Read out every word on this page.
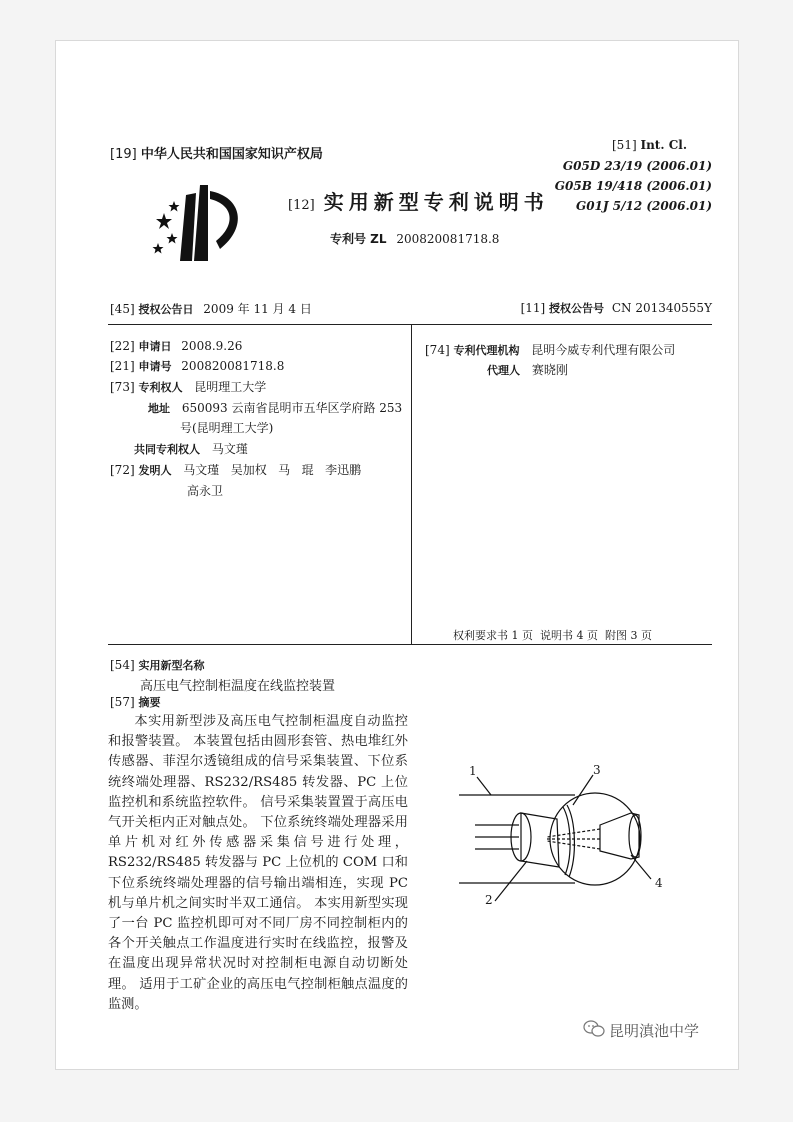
[19] 中华人民共和国国家知识产权局
[12] 实用新型专利说明书
专利号 ZL 200820081718.8
[51] Int. Cl.
G05D 23/19 (2006.01)
G05B 19/418 (2006.01)
G01J 5/12 (2006.01)
[45] 授权公告日 2009 年 11 月 4 日	[11] 授权公告号 CN 201340555Y
[22] 申请日 2008.9.26
[21] 申请号 200820081718.8
[73] 专利权人 昆明理工大学
地址 650093 云南省昆明市五华区学府路 253
号(昆明理工大学)
共同专利权人 马文瑾
[72] 发明人 马文瑾   吴加权   马   琨   李迅鹏
高永卫
[74] 专利代理机构 昆明今威专利代理有限公司
代理人 赛晓刚
权利要求书 1 页  说明书 4 页  附图 3 页
[54] 实用新型名称
高压电气控制柜温度在线监控装置
[57] 摘要

本实用新型涉及高压电气控制柜温度自动监控和报警装置。 本装置包括由圆形套管、热电堆红外传感器、菲涅尔透镜组成的信号采集装置、下位系统终端处理器、RS232/RS485 转发器、PC 上位监控机和系统监控软件。 信号采集装置置于高压电气开关柜内正对触点处。 下位系统终端处理器采用单片机对红外传感器采集信号进行处理，RS232/RS485 转发器与 PC 上位机的 COM 口和下位系统终端处理器的信号输出端相连，实现 PC 机与单片机之间实时半双工通信。 本实用新型实现了一台 PC 监控机即可对不同厂房不同控制柜内的各个开关触点工作温度进行实时在线监控，报警及在温度出现异常状况时对控制柜电源自动切断处理。 适用于工矿企业的高压电气控制柜触点温度的监测。

1
2
3
4
昆明滇池中学
